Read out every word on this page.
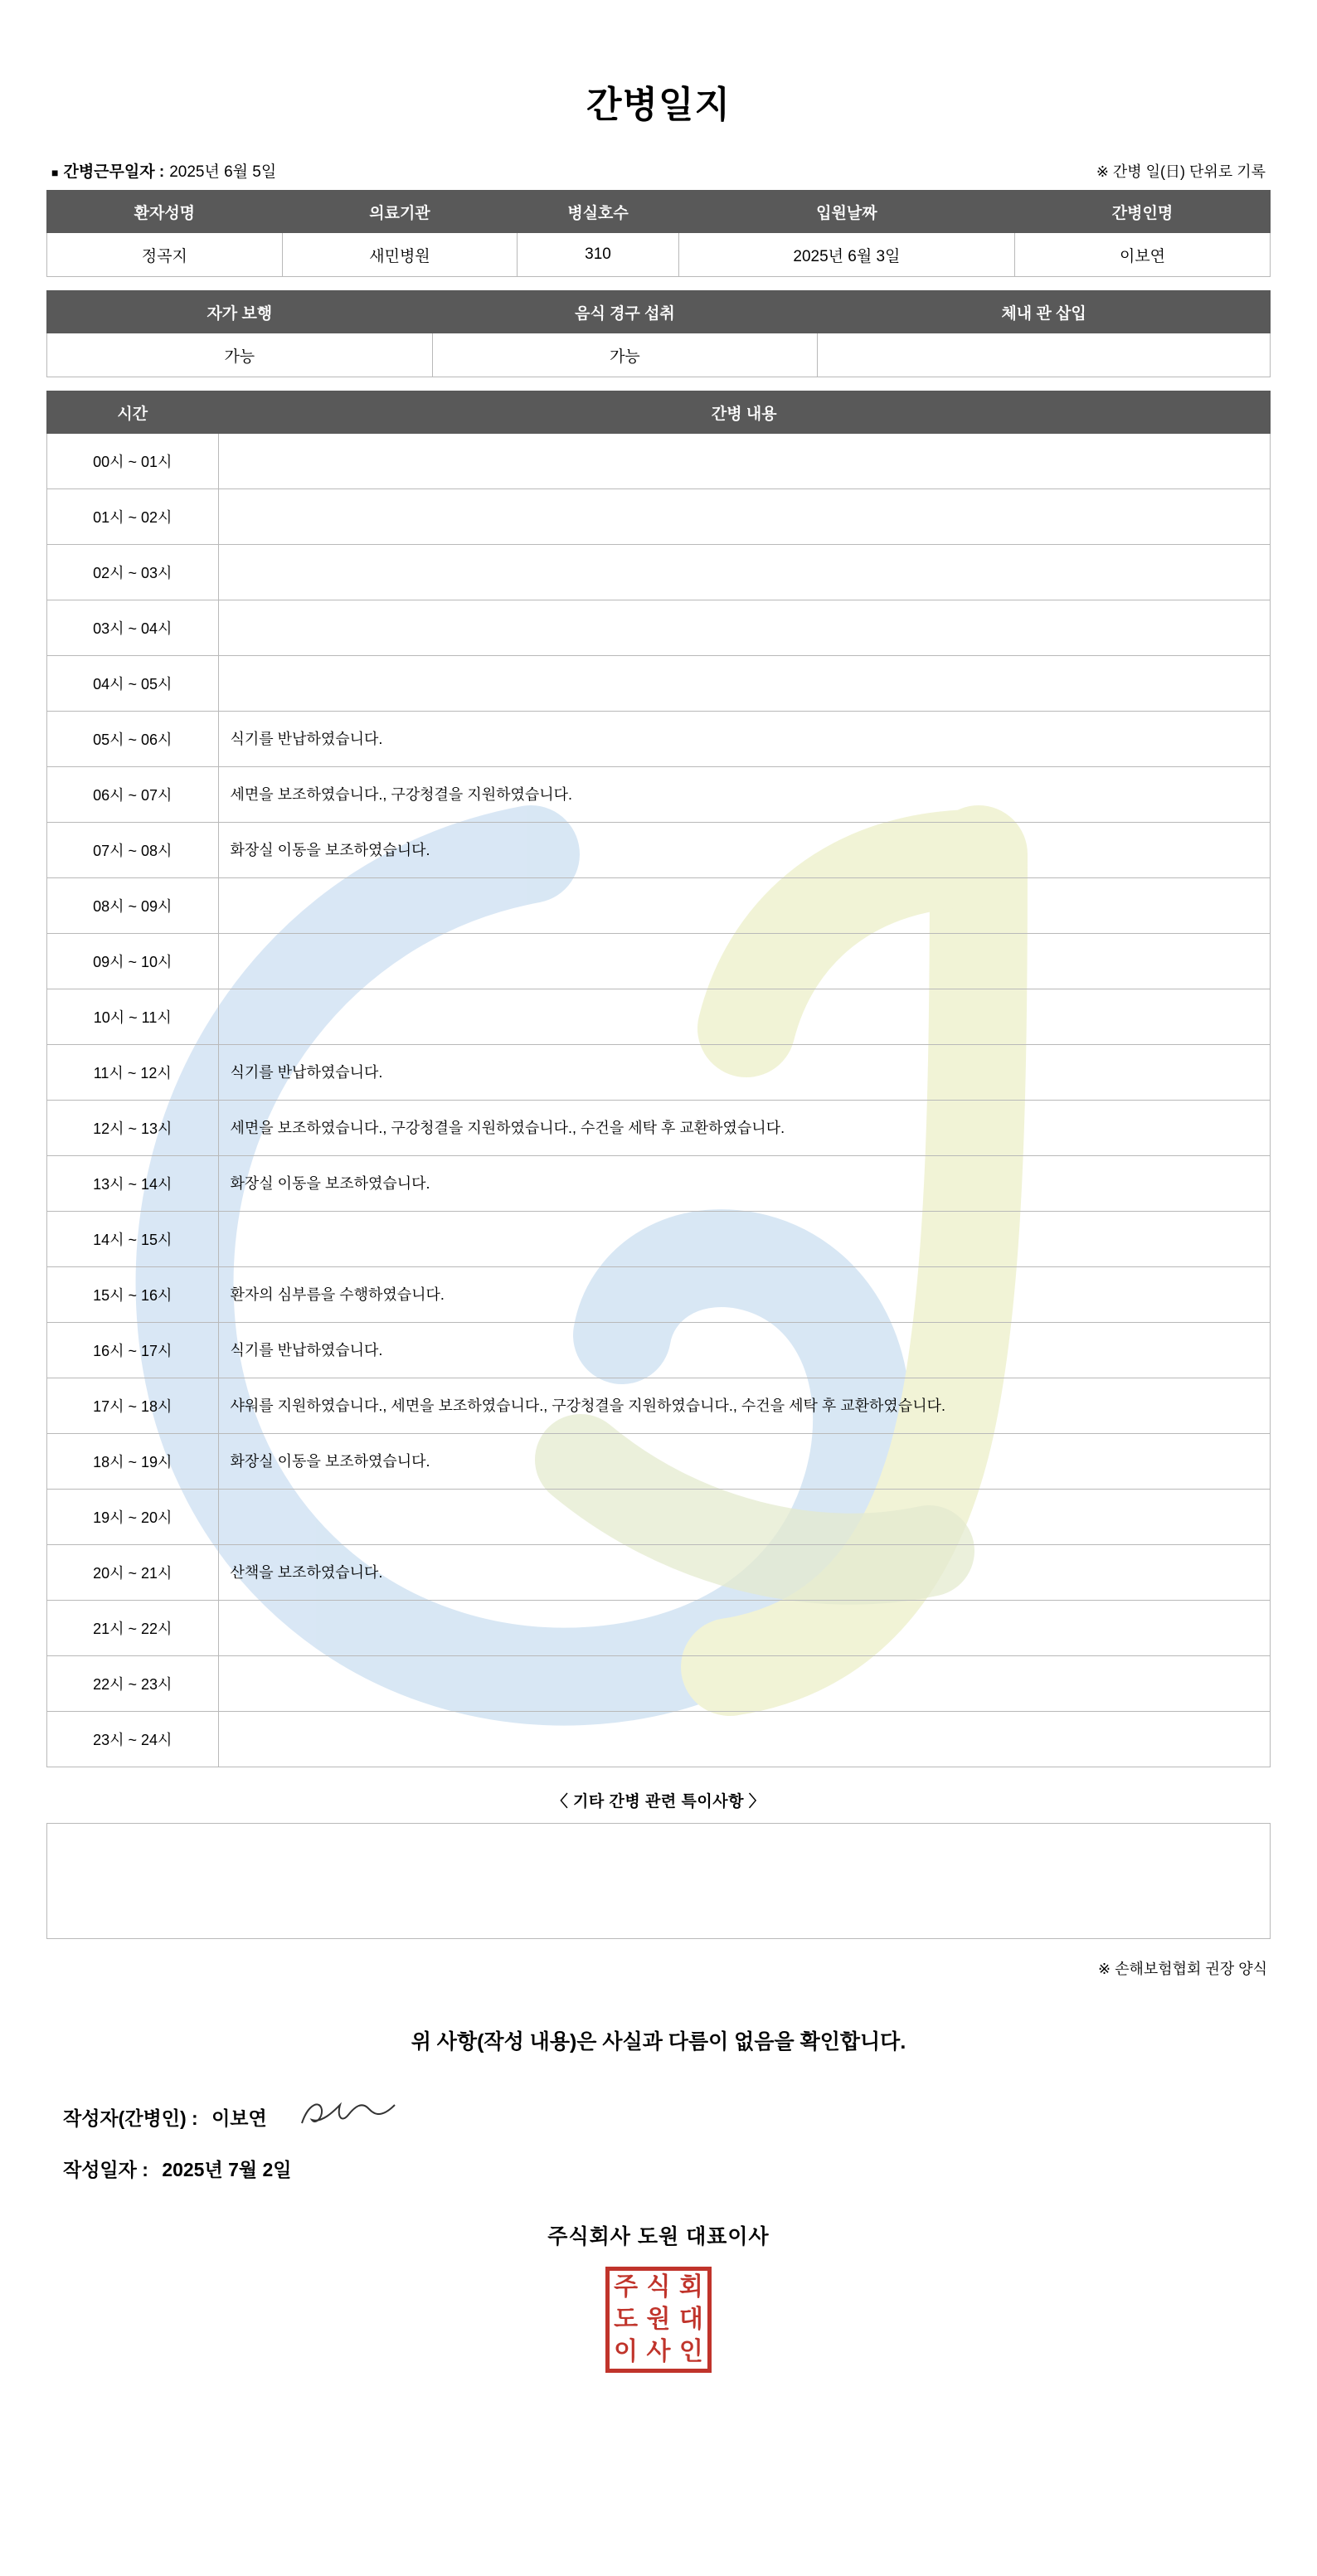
간병일지
■ 간병근무일자 : 2025년 6월 5일	※ 간병 일(日) 단위로 기록
환자성명	의료기관	병실호수	입원날짜	간병인명
정곡지	새민병원	310	2025년 6월 3일	이보연
자가 보행	음식 경구 섭취	체내 관 삽입
가능	가능	
시간	간병 내용
00시 ~ 01시	
01시 ~ 02시	
02시 ~ 03시	
03시 ~ 04시	
04시 ~ 05시	
05시 ~ 06시	식기를 반납하였습니다.
06시 ~ 07시	세면을 보조하였습니다., 구강청결을 지원하였습니다.
07시 ~ 08시	화장실 이동을 보조하였습니다.
08시 ~ 09시	
09시 ~ 10시	
10시 ~ 11시	
11시 ~ 12시	식기를 반납하였습니다.
12시 ~ 13시	세면을 보조하였습니다., 구강청결을 지원하였습니다., 수건을 세탁 후 교환하였습니다.
13시 ~ 14시	화장실 이동을 보조하였습니다.
14시 ~ 15시	
15시 ~ 16시	환자의 심부름을 수행하였습니다.
16시 ~ 17시	식기를 반납하였습니다.
17시 ~ 18시	샤워를 지원하였습니다., 세면을 보조하였습니다., 구강청결을 지원하였습니다., 수건을 세탁 후 교환하였습니다.
18시 ~ 19시	화장실 이동을 보조하였습니다.
19시 ~ 20시	
20시 ~ 21시	산책을 보조하였습니다.
21시 ~ 22시	
22시 ~ 23시	
23시 ~ 24시	
〈 기타 간병 관련 특이사항 〉
※ 손해보험협회 권장 양식
위 사항(작성 내용)은 사실과 다름이 없음을 확인합니다.
작성자(간병인) : 이보연
작성일자 : 2025년 7월 2일
주식회사 도원 대표이사
주 식 회
도 원 대
이 사 인
